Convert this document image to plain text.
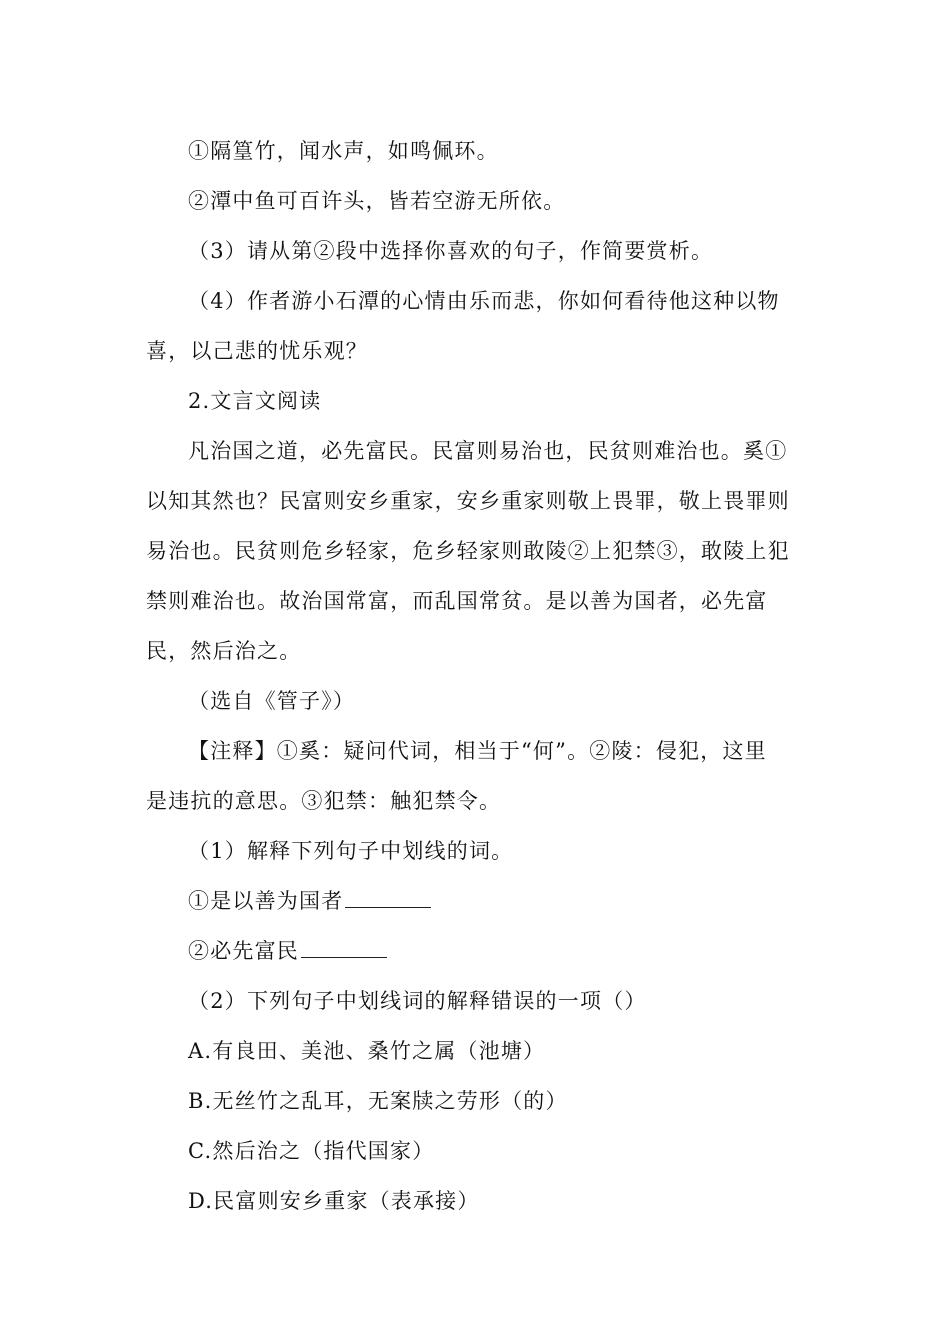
①隔篁竹，闻水声，如鸣佩环。
②潭中鱼可百许头，皆若空游无所依。
（3）请从第②段中选择你喜欢的句子，作简要赏析。
（4）作者游小石潭的心情由乐而悲，你如何看待他这种以物
喜，以己悲的忧乐观？
2.文言文阅读
凡治国之道，必先富民。民富则易治也，民贫则难治也。奚①
以知其然也？民富则安乡重家，安乡重家则敬上畏罪，敬上畏罪则
易治也。民贫则危乡轻家，危乡轻家则敢陵②上犯禁③，敢陵上犯
禁则难治也。故治国常富，而乱国常贫。是以善为国者，必先富
民，然后治之。
（选自《管子》）
【注释】①奚：疑问代词，相当于“何”。②陵：侵犯，这里
是违抗的意思。③犯禁：触犯禁令。
（1）解释下列句子中划线的词。
①是以善为国者
②必先富民
（2）下列句子中划线词的解释错误的一项（）
A.有良田、美池、桑竹之属（池塘）
B.无丝竹之乱耳，无案牍之劳形（的）
C.然后治之（指代国家）
D.民富则安乡重家（表承接）
